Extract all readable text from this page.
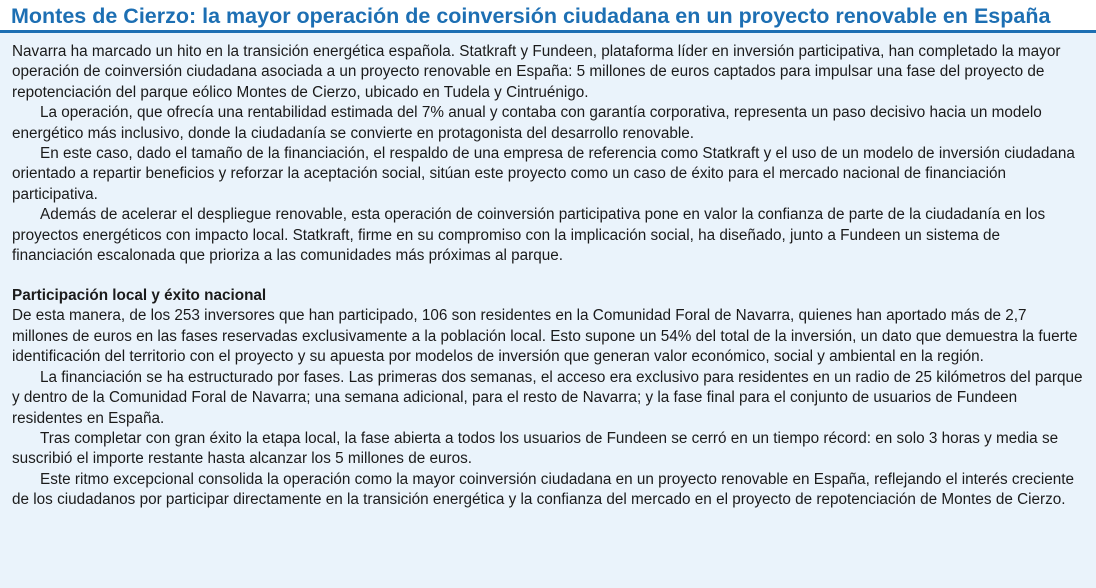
Montes de Cierzo: la mayor operación de coinversión ciudadana en un proyecto renovable en España

Navarra ha marcado un hito en la transición energética española. Statkraft y Fundeen, plataforma líder en inversión participativa, han completado la mayor operación de coinversión ciudadana asociada a un proyecto renovable en España: 5 millones de euros captados para impulsar una fase del proyecto de repotenciación del parque eólico Montes de Cierzo, ubicado en Tudela y Cintruénigo.

La operación, que ofrecía una rentabilidad estimada del 7% anual y contaba con garantía corporativa, representa un paso decisivo hacia un modelo energético más inclusivo, donde la ciudadanía se convierte en protagonista del desarrollo renovable.

En este caso, dado el tamaño de la financiación, el respaldo de una empresa de referencia como Statkraft y el uso de un modelo de inversión ciudadana orientado a repartir beneficios y reforzar la aceptación social, sitúan este proyecto como un caso de éxito para el mercado nacional de financiación participativa.

Además de acelerar el despliegue renovable, esta operación de coinversión participativa pone en valor la confianza de parte de la ciudadanía en los proyectos energéticos con impacto local. Statkraft, firme en su compromiso con la implicación social, ha diseñado, junto a Fundeen un sistema de financiación escalonada que prioriza a las comunidades más próximas al parque.

Participación local y éxito nacional

De esta manera, de los 253 inversores que han participado, 106 son residentes en la Comunidad Foral de Navarra, quienes han aportado más de 2,7 millones de euros en las fases reservadas exclusivamente a la población local. Esto supone un 54% del total de la inversión, un dato que demuestra la fuerte identificación del territorio con el proyecto y su apuesta por modelos de inversión que generan valor económico, social y ambiental en la región.

La financiación se ha estructurado por fases. Las primeras dos semanas, el acceso era exclusivo para residentes en un radio de 25 kilómetros del parque y dentro de la Comunidad Foral de Navarra; una semana adicional, para el resto de Navarra; y la fase final para el conjunto de usuarios de Fundeen residentes en España.

Tras completar con gran éxito la etapa local, la fase abierta a todos los usuarios de Fundeen se cerró en un tiempo récord: en solo 3 horas y media se suscribió el importe restante hasta alcanzar los 5 millones de euros.

Este ritmo excepcional consolida la operación como la mayor coinversión ciudadana en un proyecto renovable en España, reflejando el interés creciente de los ciudadanos por participar directamente en la transición energética y la confianza del mercado en el proyecto de repotenciación de Montes de Cierzo.
